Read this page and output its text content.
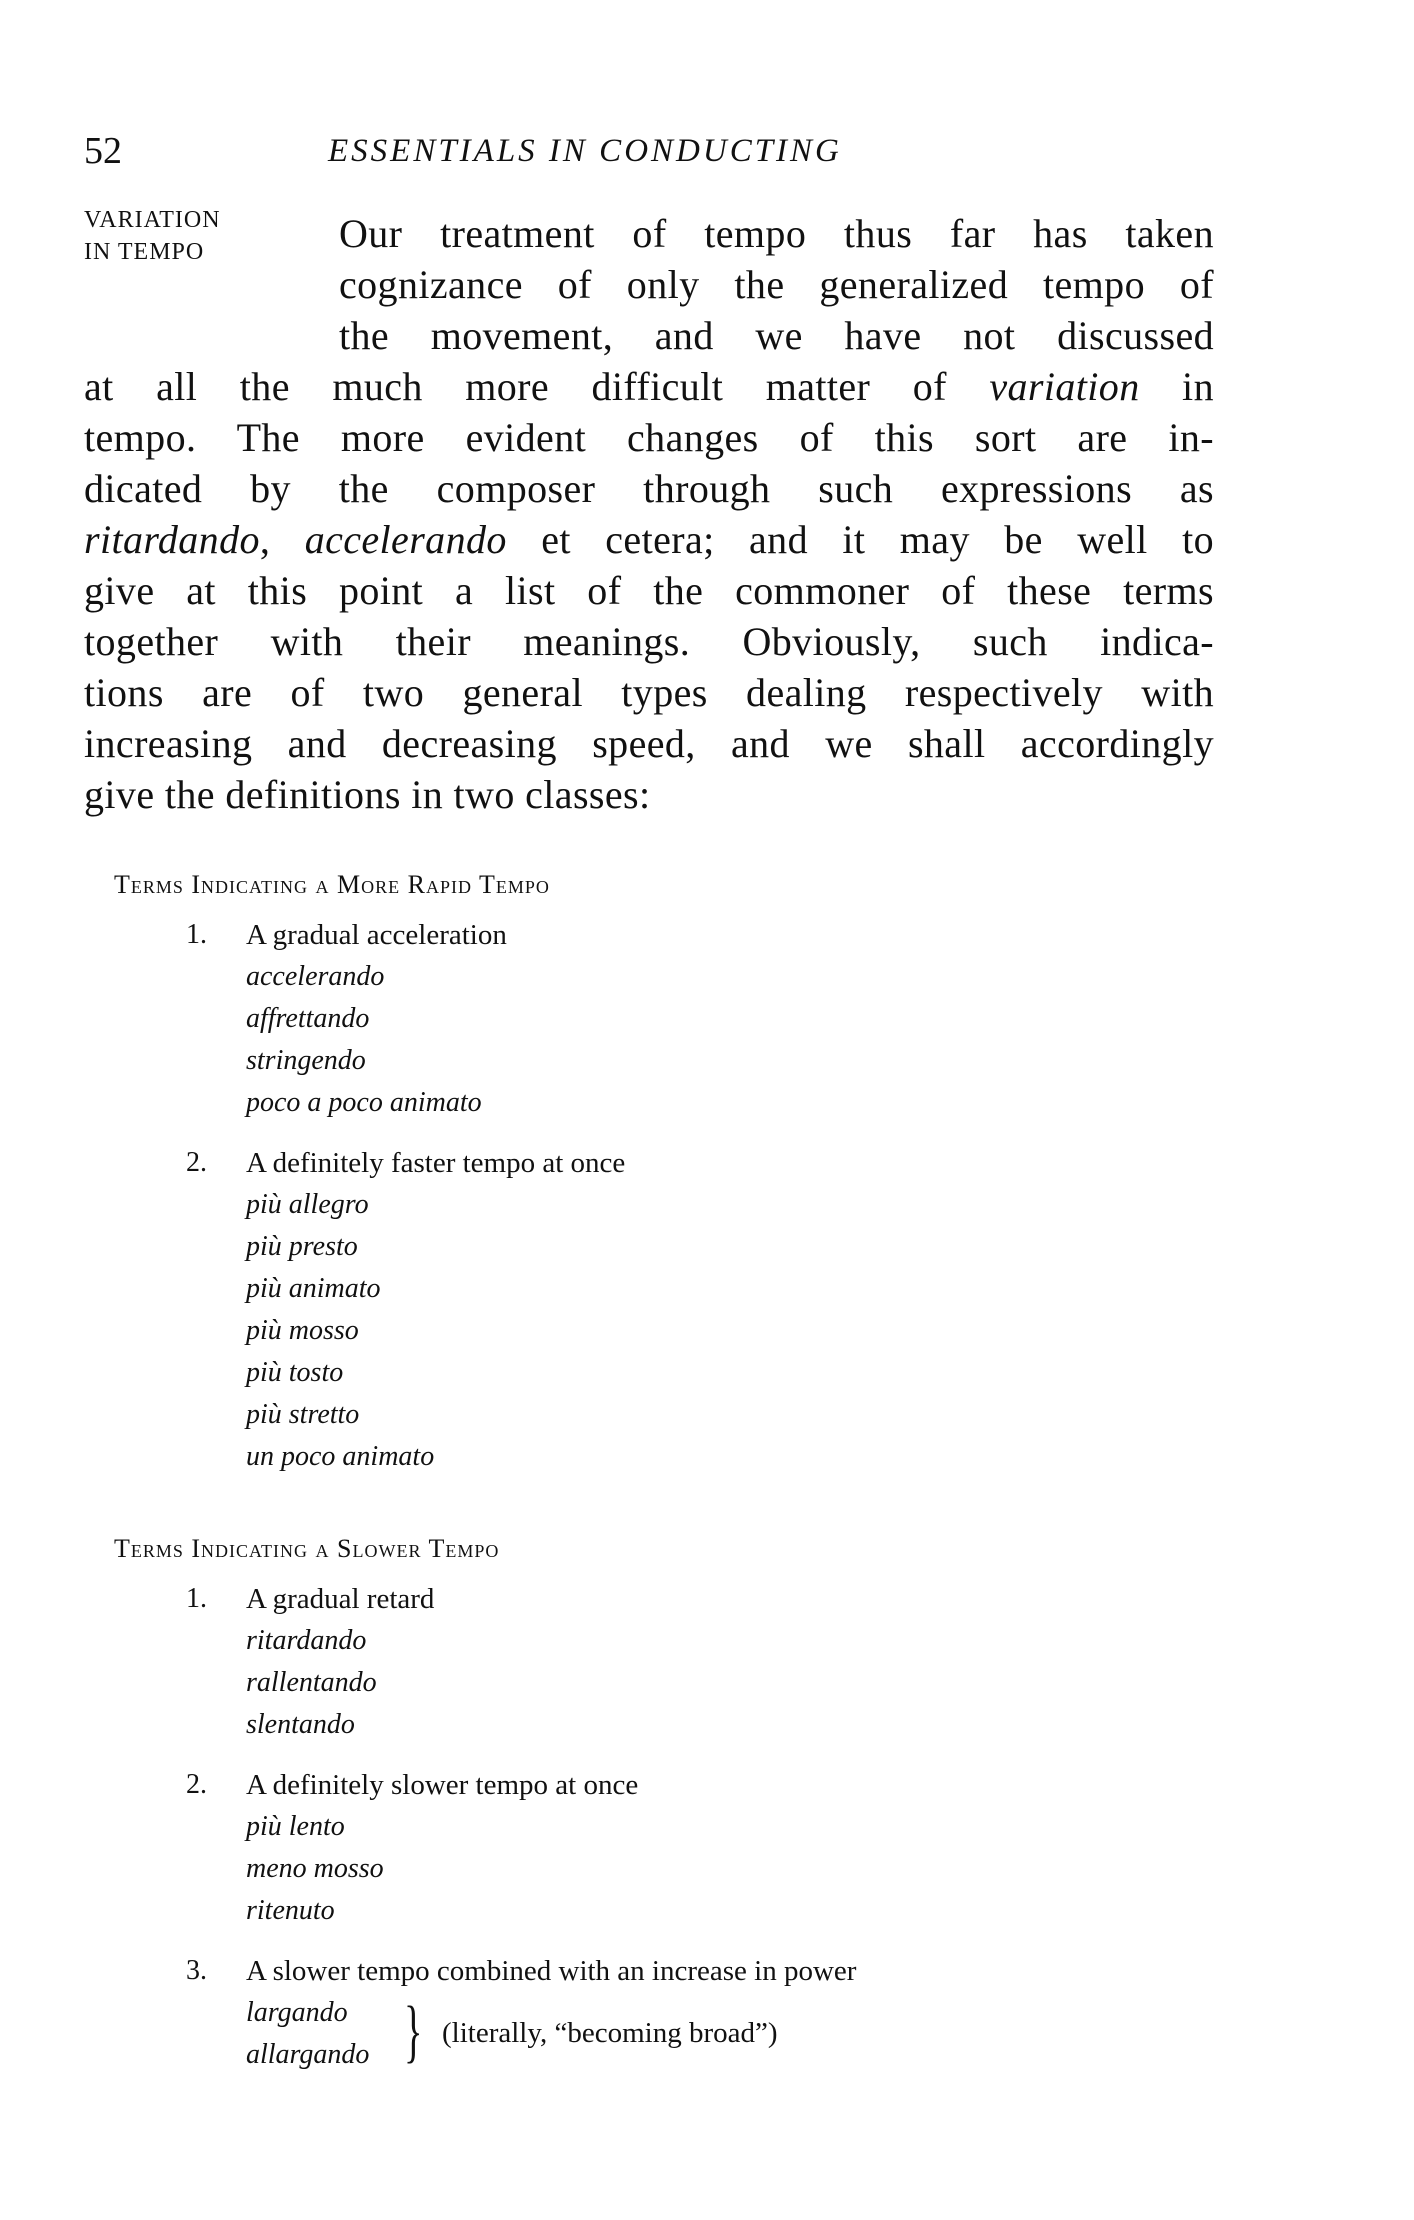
52	ESSENTIALS IN CONDUCTING
VARIATION
IN TEMPO	Our treatment of tempo thus far has taken
cognizance of only the generalized tempo of
the movement, and we have not discussed
at all the much more difficult matter of variation in
tempo. The more evident changes of this sort are in-
dicated by the composer through such expressions as
ritardando, accelerando et cetera; and it may be well to
give at this point a list of the commoner of these terms
together with their meanings. Obviously, such indica-
tions are of two general types dealing respectively with
increasing and decreasing speed, and we shall accordingly
give the definitions in two classes:
Terms Indicating a More Rapid Tempo
1. A gradual acceleration
accelerando
affrettando
stringendo
poco a poco animato
2. A definitely faster tempo at once
più allegro
più presto
più animato
più mosso
più tosto
più stretto
un poco animato
Terms Indicating a Slower Tempo
1. A gradual retard
ritardando
rallentando
slentando
2. A definitely slower tempo at once
più lento
meno mosso
ritenuto
3. A slower tempo combined with an increase in power
largando
allargando } (literally, “becoming broad”)
